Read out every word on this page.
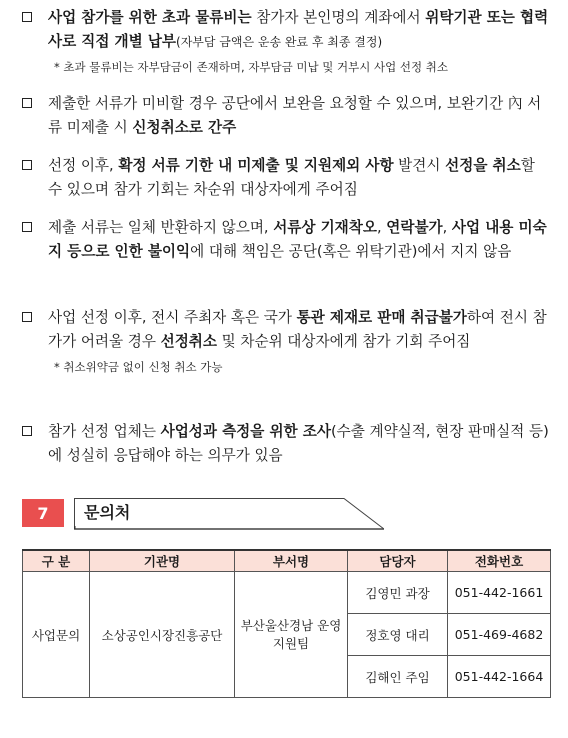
사업 참가를 위한 초과 물류비는 참가자 본인명의 계좌에서 위탁기관 또는 협력사로 직접 개별 납부(자부담 금액은 운송 완료 후 최종 결정)
* 초과 물류비는 자부담금이 존재하며, 자부담금 미납 및 거부시 사업 선정 취소
제출한 서류가 미비할 경우 공단에서 보완을 요청할 수 있으며, 보완기간 內 서류 미제출 시 신청취소로 간주
선정 이후, 확정 서류 기한 내 미제출 및 지원제외 사항 발견시 선정을 취소할 수 있으며 참가 기회는 차순위 대상자에게 주어짐
제출 서류는 일체 반환하지 않으며, 서류상 기재착오, 연락불가, 사업 내용 미숙지 등으로 인한 불이익에 대해 책임은 공단(혹은 위탁기관)에서 지지 않음
사업 선정 이후, 전시 주최자 혹은 국가 통관 제재로 판매 취급불가하여 전시 참가가 어려울 경우 선정취소 및 차순위 대상자에게 참가 기회 주어짐
* 취소위약금 없이 신청 취소 가능
참가 선정 업체는 사업성과 측정을 위한 조사(수출 계약실적, 현장 판매실적 등)에 성실히 응답해야 하는 의무가 있음
7	문의처
구 분	기관명	부서명	담당자	전화번호
사업문의	소상공인시장진흥공단	부산울산경남 운영지원팀	김영민 과장	051-442-1661
			정호영 대리	051-469-4682
			김해인 주임	051-442-1664
